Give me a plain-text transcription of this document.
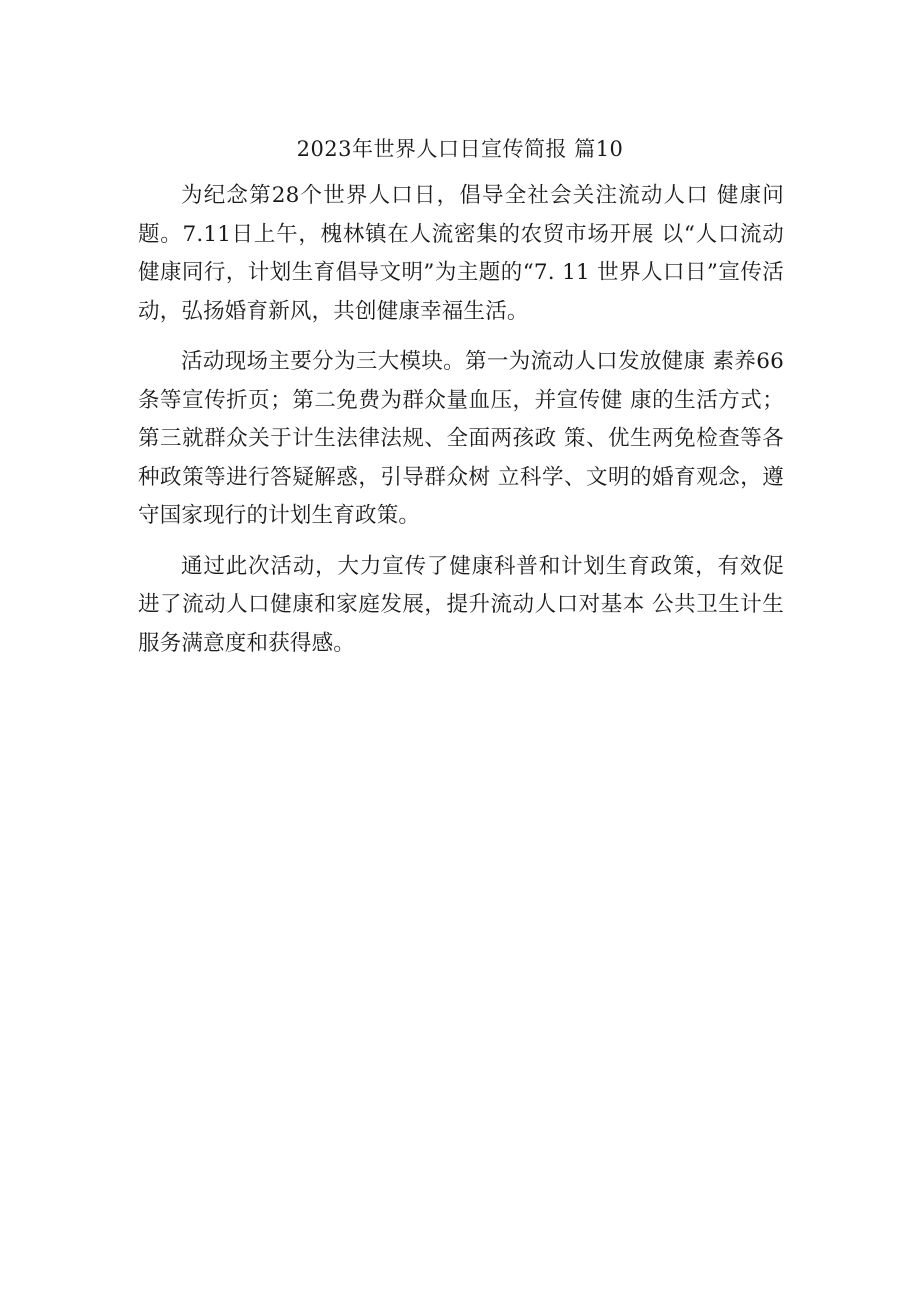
2023年世界人口日宣传简报 篇10

为纪念第28个世界人口日，倡导全社会关注流动人口 健康问题。7.11日上午，槐林镇在人流密集的农贸市场开展 以“人口流动健康同行，计划生育倡导文明”为主题的“7. 11 世界人口日”宣传活动，弘扬婚育新风，共创健康幸福生活。

活动现场主要分为三大模块。第一为流动人口发放健康 素养66条等宣传折页；第二免费为群众量血压，并宣传健 康的生活方式；第三就群众关于计生法律法规、全面两孩政 策、优生两免检查等各种政策等进行答疑解惑，引导群众树 立科学、文明的婚育观念，遵守国家现行的计划生育政策。

通过此次活动，大力宣传了健康科普和计划生育政策，有效促进了流动人口健康和家庭发展，提升流动人口对基本 公共卫生计生服务满意度和获得感。
